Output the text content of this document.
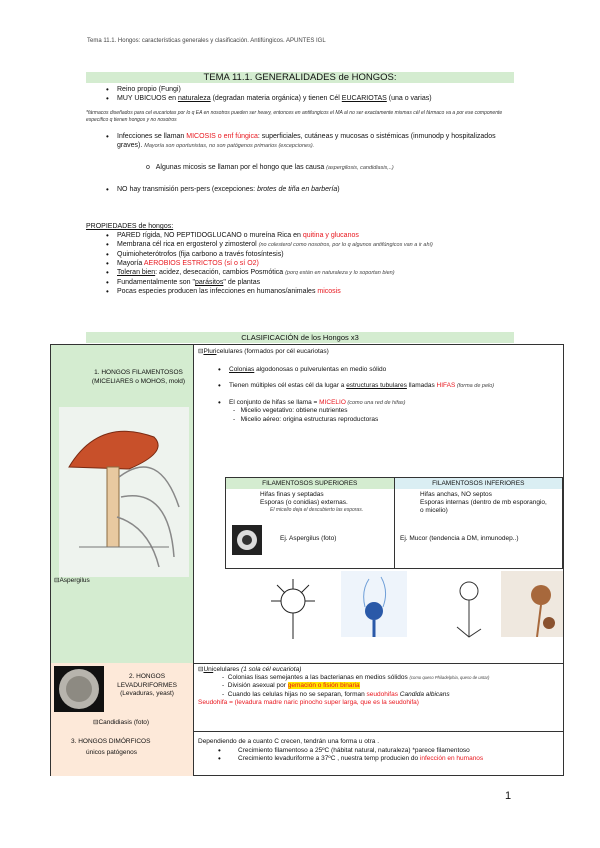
Tema 11.1. Hongos: características generales y clasificación. Antifúngicos. APUNTES IGL
TEMA 11.1. GENERALIDADES de HONGOS:
• Reino propio (Fungi)
• MUY UBICUOS en naturaleza (degradan materia orgánica) y tienen Cél EUCARIOTAS (una o varias)
*fármacos diseñados para cel eucariotas por lo q EA en nosotros pueden ser heavy, entonces en antifungicos el MA al no ser exactamente mismas cél el fármaco va a por ese componente especifico q tienen hongos y no nosotros
• Infecciones se llaman MICOSIS o enf fúngica: superficiales, cutáneas y mucosas o sistémicas (inmunodp y hospitalizados graves). Mayoría son oportunistas, no son patógenos primarios (excepciones).
o   Algunas micosis se llaman por el hongo que las causa (aspergilosis, candidiasis,..)
• NO hay transmisión pers-pers (excepciones: brotes de tiña en barbería)
PROPIEDADES de hongos:
• PARED rígida, NO PEPTIDOGLUCANO o mureína Rica en quitina y glucanos
• Membrana cél rica en ergosterol y zimosterol (no colesterol como nosotros, por lo q algunos antifúngicos van a ir ahí)
• Quimioheterótrofos (fija carbono a través fotosíntesis)
• Mayoría AEROBIOS ESTRICTOS (sí o sí O2)
• Toleran bien: acidez, desecación, cambios Posmótica (porq están en naturaleza y lo soportan bien)
• Fundamentalmente son "parásitos" de plantas
• Pocas especies producen las infecciones en humanos/animales micosis
CLASIFICACIÓN de los Hongos x3
1. HONGOS FILAMENTOSOS (MICELIARES o MOHOS, mold)
⊟Aspergilus
⊟Pluricelulares (formados por cél eucariotas)
• Colonias algodonosas o pulverulentas en medio sólido
• Tienen múltiples cél estas cél da lugar a estructuras tubulares llamadas HIFAS (forma de pelo)
• El conjunto de hifas se llama = MICELIO (como una red de hifas)
-   Micelio vegetativo: obtiene nutrientes
-   Micelio aéreo: origina estructuras reproductoras
FILAMENTOSOS SUPERIORES	FILAMENTOSOS INFERIORES
Hifas finas y septadas
Esporas (o conidias) externas.
El micelio deja el descubierto las esporas.
Ej. Aspergilus (foto)
Hifas anchas, NO septos
Esporas internas (dentro de mb esporangio, o micelio)
Ej. Mucor (tendencia a DM, inmunodep..)
2. HONGOS LEVADURIFORMES (Levaduras, yeast)
⊟Candidiasis (foto)
⊟Unicelulares (1 sola cél eucariota)
-  Colonias lisas semejantes a las bacterianas en medios sólidos (como queso Philadelphia, queso de untar)
-  División asexual por gemación o fisión binaria
-  Cuando las celulas hijas no se separan, forman seudohifas Candida albicans
Seudohifa = (levadura madre naric pinocho super larga, que es la seudohifa)
3. HONGOS DIMÓRFICOS
únicos patógenos
Dependiendo de a cuanto C crecen, tendrán una forma u otra .
• Crecimiento filamentoso a 25ºC (hábitat natural, naturaleza) *parece filamentoso
• Crecimiento levaduriforme a 37ºC , nuestra temp producien do infección en humanos
1
